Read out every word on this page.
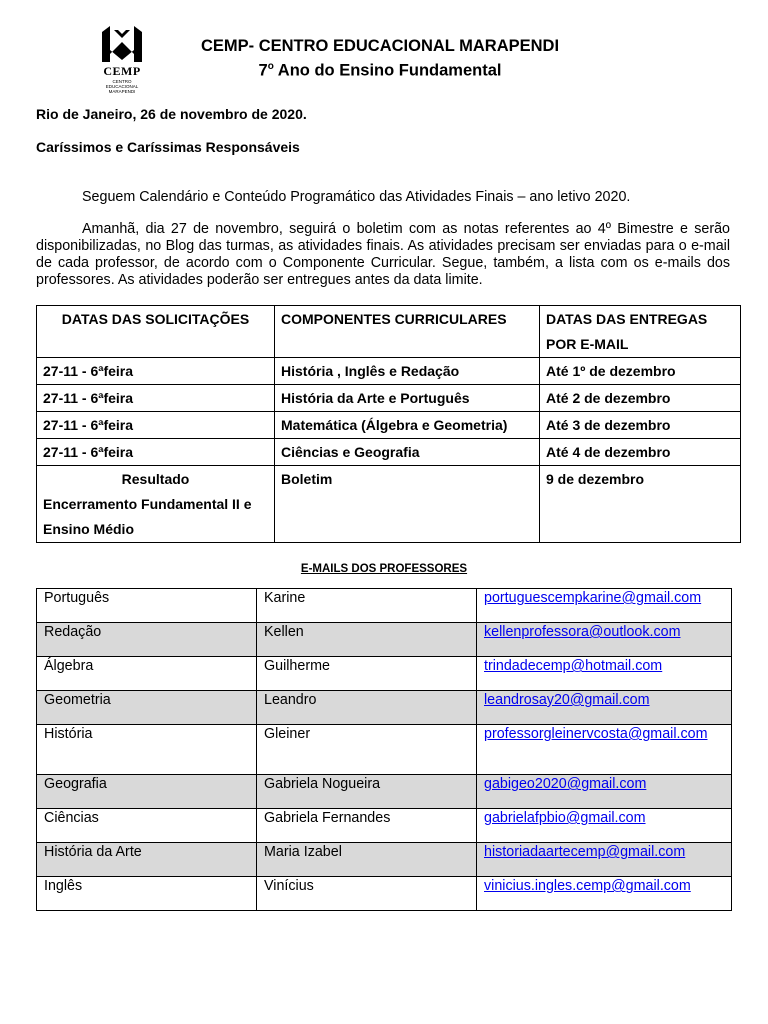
CEMP
CENTRO EDUCACIONAL MARAPENDI
CEMP- CENTRO EDUCACIONAL MARAPENDI
7$^o$ Ano do Ensino Fundamental
Rio de Janeiro, 26 de novembro de 2020.
Caríssimos e Caríssimas Responsáveis
Seguem Calendário e Conteúdo Programático das Atividades Finais – ano letivo 2020.
Amanhã, dia 27 de novembro, seguirá o boletim com as notas referentes ao 4º Bimestre e serão disponibilizadas, no Blog das turmas, as atividades finais. As atividades precisam ser enviadas para o e-mail de cada professor, de acordo com o Componente Curricular. Segue, também, a lista com os e-mails dos professores. As atividades poderão ser entregues antes da data limite.
DATAS DAS SOLICITAÇÕES	COMPONENTES CURRICULARES	DATAS DAS ENTREGAS POR E-MAIL
27-11 - 6ªfeira	História , Inglês e Redação	Até 1º de dezembro
27-11 - 6ªfeira	História da Arte e Português	Até 2 de dezembro
27-11 - 6ªfeira	Matemática (Álgebra e Geometria)	Até 3 de dezembro
27-11 - 6ªfeira	Ciências e Geografia	Até 4 de dezembro

Resultado
Encerramento Fundamental II e Ensino Médio	Boletim	9 de dezembro
E-MAILS DOS PROFESSORES
Português	Karine	portuguescempkarine@gmail.com
Redação	Kellen	kellenprofessora@outlook.com
Álgebra	Guilherme	trindadecemp@hotmail.com
Geometria	Leandro	leandrosay20@gmail.com
História	Gleiner	professorgleinervcosta@gmail.com
Geografia	Gabriela Nogueira	gabigeo2020@gmail.com
Ciências	Gabriela Fernandes	gabrielafpbio@gmail.com
História da Arte	Maria Izabel	historiadaartecemp@gmail.com
Inglês	Vinícius	vinicius.ingles.cemp@gmail.com
